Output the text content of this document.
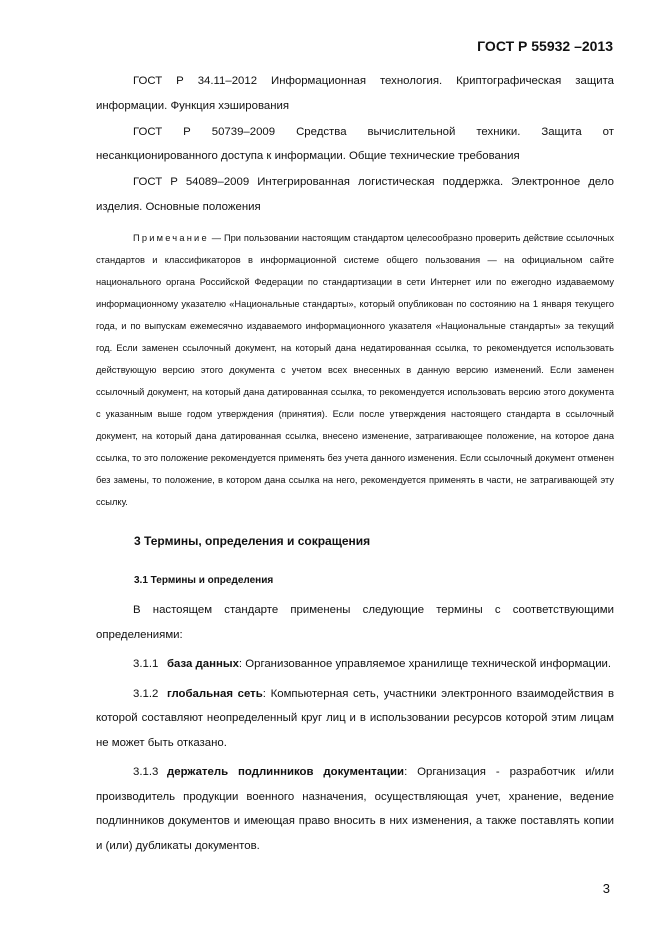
ГОСТ Р 55932 –2013

ГОСТ Р 34.11–2012 Информационная технология. Криптографическая защита информации. Функция хэширования

ГОСТ Р 50739–2009 Средства вычислительной техники. Защита от несанкционированного доступа к информации. Общие технические требования

ГОСТ Р 54089–2009 Интегрированная логистическая поддержка. Электронное дело изделия. Основные положения

Примечание — При пользовании настоящим стандартом целесообразно проверить действие ссылочных стандартов и классификаторов в информационной системе общего пользования — на официальном сайте национального органа Российской Федерации по стандартизации в сети Интернет или по ежегодно издаваемому информационному указателю «Национальные стандарты», который опубликован по состоянию на 1 января текущего года, и по выпускам ежемесячно издаваемого информационного указателя «Национальные стандарты» за текущий год. Если заменен ссылочный документ, на который дана недатированная ссылка, то рекомендуется использовать действующую версию этого документа с учетом всех внесенных в данную версию изменений. Если заменен ссылочный документ, на который дана датированная ссылка, то рекомендуется использовать версию этого документа с указанным выше годом утверждения (принятия). Если после утверждения настоящего стандарта в ссылочный документ, на который дана датированная ссылка, внесено изменение, затрагивающее положение, на которое дана ссылка, то это положение рекомендуется применять без учета данного изменения. Если ссылочный документ отменен без замены, то положение, в котором дана ссылка на него, рекомендуется применять в части, не затрагивающей эту ссылку.

3 Термины, определения и сокращения
3.1 Термины и определения

В настоящем стандарте применены следующие термины с соответствующими определениями:

3.1.1 база данных: Организованное управляемое хранилище технической информации.

3.1.2 глобальная сеть: Компьютерная сеть, участники электронного взаимодействия в которой составляют неопределенный круг лиц и в использовании ресурсов которой этим лицам не может быть отказано.

3.1.3 держатель подлинников документации: Организация - разработчик и/или производитель продукции военного назначения, осуществляющая учет, хранение, ведение подлинников документов и имеющая право вносить в них изменения, а также поставлять копии и (или) дубликаты документов.

3
